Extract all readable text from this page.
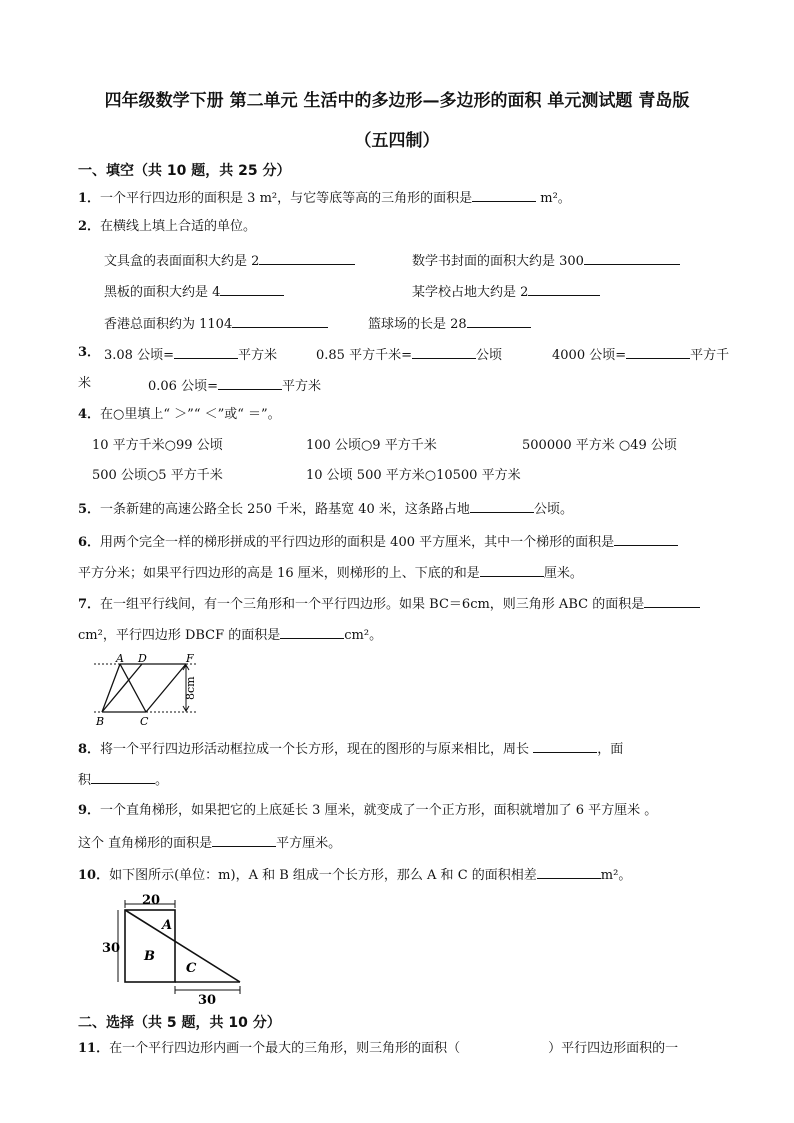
四年级数学下册 第二单元 生活中的多边形—多边形的面积 单元测试题 青岛版
（五四制）
一、填空（共 10 题，共 25 分）
1．一个平行四边形的面积是 3 m²，与它等底等高的三角形的面积是	m²。
2．在横线上填上合适的单位。
文具盒的表面面积大约是 2	数学书封面的面积大约是 300
黑板的面积大约是 4	某学校占地大约是 2
香港总面积约为 1104	篮球场的长是 28
3． 3.08 公顷=	平方米	0.85 平方千米=	公顷	4000 公顷=	平方千
米	0.06 公顷=	平方米
4．在○里填上“ ＞”“ ＜”或“ ＝”。
10 平方千米○99 公顷	100 公顷○9 平方千米	500000 平方米 ○49 公顷
500 公顷○5 平方千米	10 公顷 500 平方米○10500 平方米
5．一条新建的高速公路全长 250 千米，路基宽 40 米，这条路占地	公顷。
6．用两个完全一样的梯形拼成的平行四边形的面积是 400 平方厘米，其中一个梯形的面积是
平方分米；如果平行四边形的高是 16 厘米，则梯形的上、下底的和是	厘米。
7．在一组平行线间，有一个三角形和一个平行四边形。如果 BC＝6cm，则三角形 ABC 的面积是
cm²，平行四边形 DBCF 的面积是	cm²。
A D	F
B	C
8cm
8．将一个平行四边形活动框拉成一个长方形，现在的图形的与原来相比，周长	，面
积	。
9．一个直角梯形，如果把它的上底延长 3 厘米，就变成了一个正方形，面积就增加了 6 平方厘米 。
这个 直角梯形的面积是	平方厘米。
10．如下图所示(单位：m)，A 和 B 组成一个长方形，那么 A 和 C 的面积相差	m²。
20
30
30
A
B
C
二、选择（共 5 题，共 10 分）
11．在一个平行四边形内画一个最大的三角形，则三角形的面积（	）平行四边形面积的一
